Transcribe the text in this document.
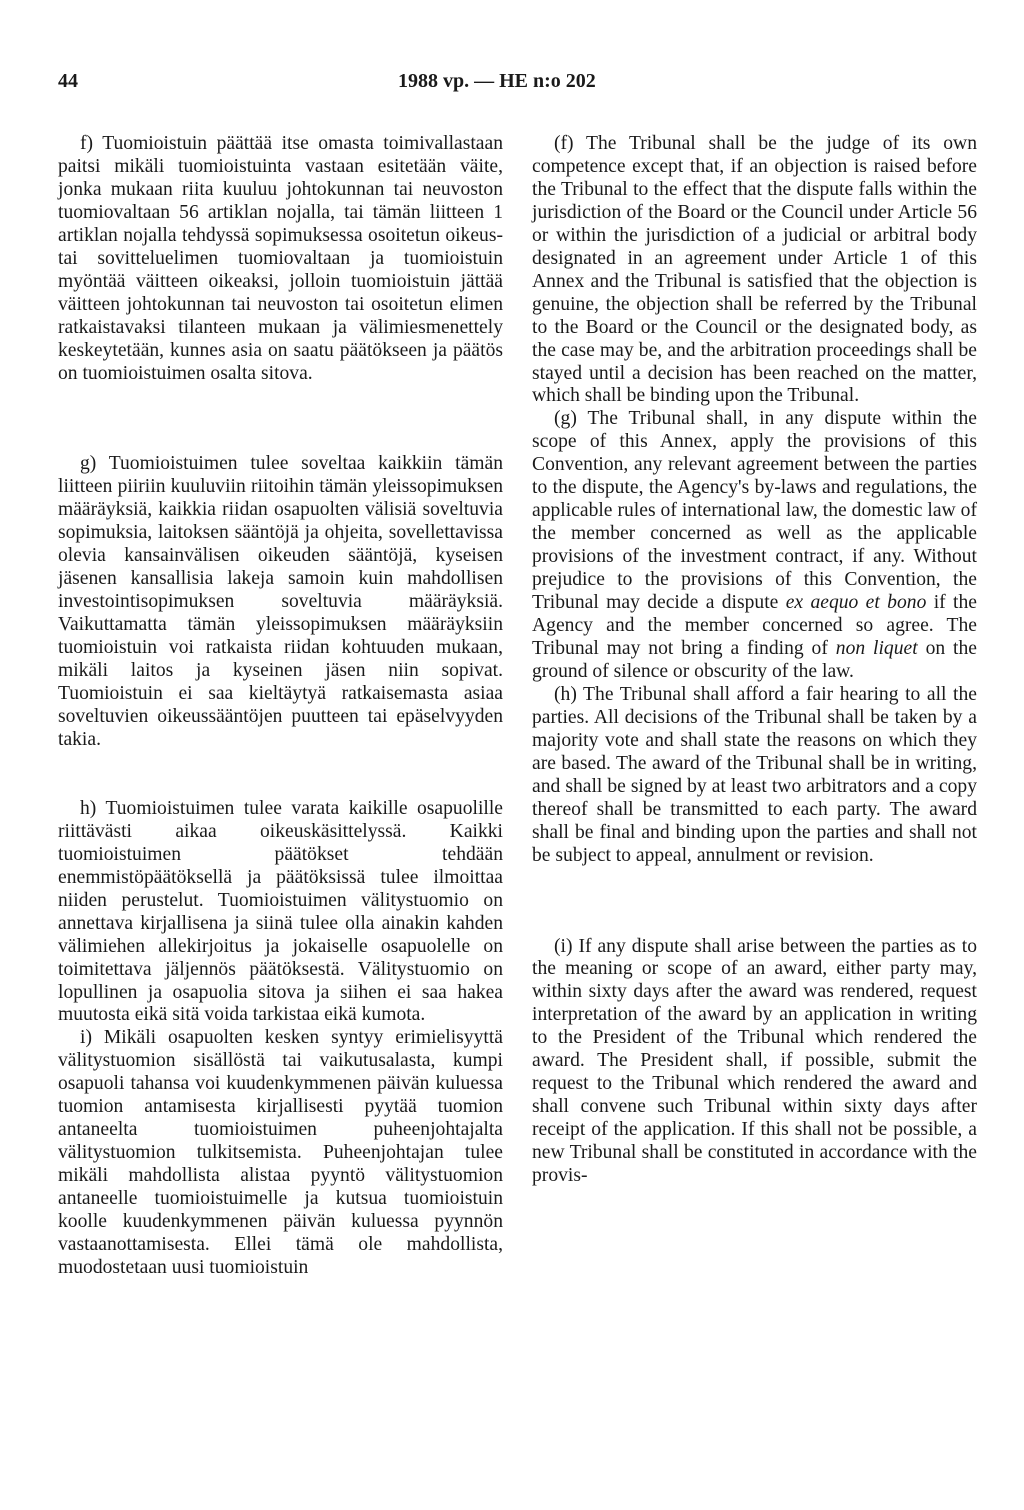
44	1988 vp. — HE n:o 202

f) Tuomioistuin päättää itse omasta toimivallastaan paitsi mikäli tuomioistuinta vastaan esitetään väite, jonka mukaan riita kuuluu johtokunnan tai neuvoston tuomiovaltaan 56 artiklan nojalla, tai tämän liitteen 1 artiklan nojalla tehdyssä sopimuksessa osoitetun oikeus- tai sovitteluelimen tuomiovaltaan ja tuomioistuin myöntää väitteen oikeaksi, jolloin tuomioistuin jättää väitteen johtokunnan tai neuvoston tai osoitetun elimen ratkaistavaksi tilanteen mukaan ja välimiesmenettely keskeytetään, kunnes asia on saatu päätökseen ja päätös on tuomioistuimen osalta sitova.

g) Tuomioistuimen tulee soveltaa kaikkiin tämän liitteen piiriin kuuluviin riitoihin tämän yleissopimuksen määräyksiä, kaikkia riidan osapuolten välisiä soveltuvia sopimuksia, laitoksen sääntöjä ja ohjeita, sovellettavissa olevia kansainvälisen oikeuden sääntöjä, kyseisen jäsenen kansallisia lakeja samoin kuin mahdollisen investointisopimuksen soveltuvia määräyksiä. Vaikuttamatta tämän yleissopimuksen määräyksiin tuomioistuin voi ratkaista riidan kohtuuden mukaan, mikäli laitos ja kyseinen jäsen niin sopivat. Tuomioistuin ei saa kieltäytyä ratkaisemasta asiaa soveltuvien oikeussääntöjen puutteen tai epäselvyyden takia.

h) Tuomioistuimen tulee varata kaikille osapuolille riittävästi aikaa oikeuskäsittelyssä. Kaikki tuomioistuimen päätökset tehdään enemmistöpäätöksellä ja päätöksissä tulee ilmoittaa niiden perustelut. Tuomioistuimen välitystuomio on annettava kirjallisena ja siinä tulee olla ainakin kahden välimiehen allekirjoitus ja jokaiselle osapuolelle on toimitettava jäljennös päätöksestä. Välitystuomio on lopullinen ja osapuolia sitova ja siihen ei saa hakea muutosta eikä sitä voida tarkistaa eikä kumota.

i) Mikäli osapuolten kesken syntyy erimielisyyttä välitystuomion sisällöstä tai vaikutusalasta, kumpi osapuoli tahansa voi kuudenkymmenen päivän kuluessa tuomion antamisesta kirjallisesti pyytää tuomion antaneelta tuomioistuimen puheenjohtajalta välitystuomion tulkitsemista. Puheenjohtajan tulee mikäli mahdollista alistaa pyyntö välitystuomion antaneelle tuomioistuimelle ja kutsua tuomioistuin koolle kuudenkymmenen päivän kuluessa pyynnön vastaanottamisesta. Ellei tämä ole mahdollista, muodostetaan uusi tuomioistuin

(f) The Tribunal shall be the judge of its own competence except that, if an objection is raised before the Tribunal to the effect that the dispute falls within the jurisdiction of the Board or the Council under Article 56 or within the jurisdiction of a judicial or arbitral body designated in an agreement under Article 1 of this Annex and the Tribunal is satisfied that the objection is genuine, the objection shall be referred by the Tribunal to the Board or the Council or the designated body, as the case may be, and the arbitration proceedings shall be stayed until a decision has been reached on the matter, which shall be binding upon the Tribunal.

(g) The Tribunal shall, in any dispute within the scope of this Annex, apply the provisions of this Convention, any relevant agreement between the parties to the dispute, the Agency's by-laws and regulations, the applicable rules of international law, the domestic law of the member concerned as well as the applicable provisions of the investment contract, if any. Without prejudice to the provisions of this Convention, the Tribunal may decide a dispute ex aequo et bono if the Agency and the member concerned so agree. The Tribunal may not bring a finding of non liquet on the ground of silence or obscurity of the law.

(h) The Tribunal shall afford a fair hearing to all the parties. All decisions of the Tribunal shall be taken by a majority vote and shall state the reasons on which they are based. The award of the Tribunal shall be in writing, and shall be signed by at least two arbitrators and a copy thereof shall be transmitted to each party. The award shall be final and binding upon the parties and shall not be subject to appeal, annulment or revision.

(i) If any dispute shall arise between the parties as to the meaning or scope of an award, either party may, within sixty days after the award was rendered, request interpretation of the award by an application in writing to the President of the Tribunal which rendered the award. The President shall, if possible, submit the request to the Tribunal which rendered the award and shall convene such Tribunal within sixty days after receipt of the application. If this shall not be possible, a new Tribunal shall be constituted in accordance with the provis-
